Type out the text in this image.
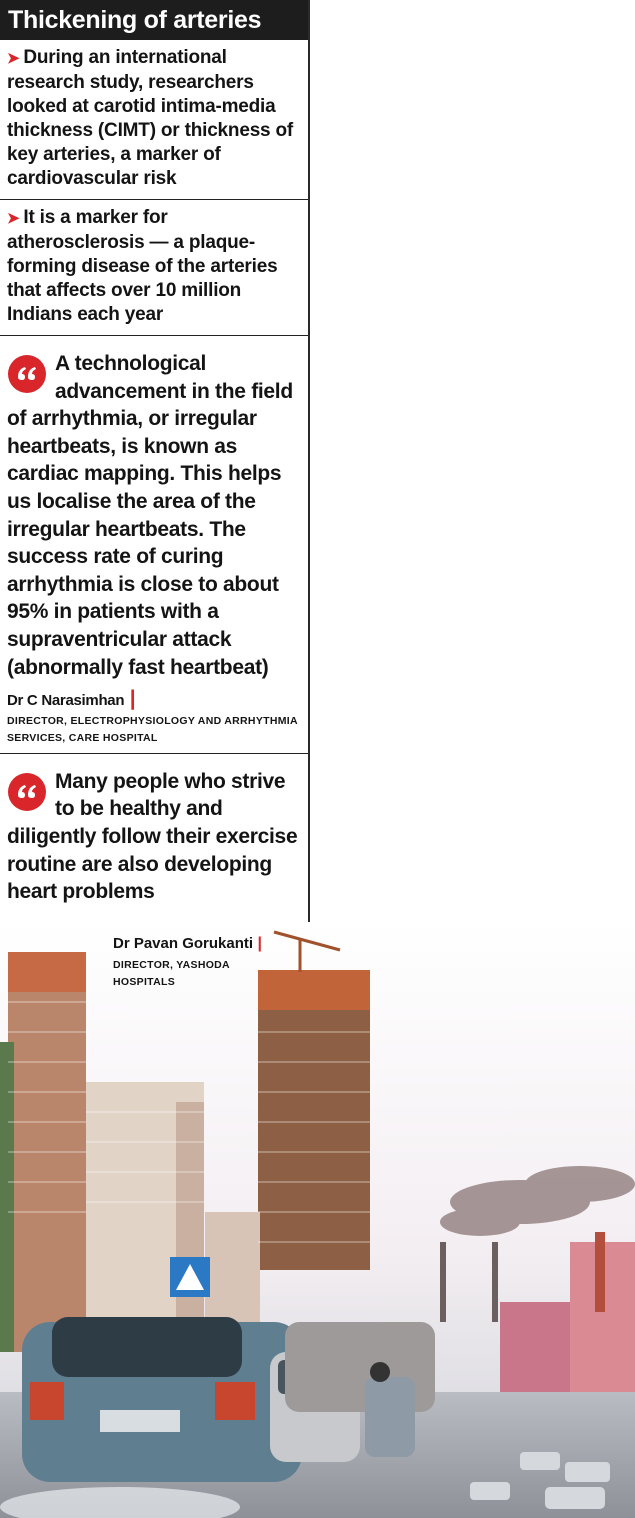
Thickening of arteries
➤ During an international research study, researchers looked at carotid intima-media thickness (CIMT) or thickness of key arteries, a marker of cardiovascular risk
➤ It is a marker for atherosclerosis — a plaque-forming disease of the arteries that affects over 10 million Indians each year
A technological advancement in the field of arrhythmia, or irregular heartbeats, is known as cardiac mapping. This helps us localise the area of the irregular heartbeats. The success rate of curing arrhythmia is close to about 95% in patients with a supraventricular attack (abnormally fast heartbeat)
Dr C Narasimhan |
DIRECTOR, ELECTROPHYSIOLOGY AND ARRHYTHMIA SERVICES, CARE HOSPITAL
Many people who strive to be healthy and diligently follow their exercise routine are also developing heart problems
Dr Pavan Gorukanti |
DIRECTOR, YASHODA HOSPITALS
